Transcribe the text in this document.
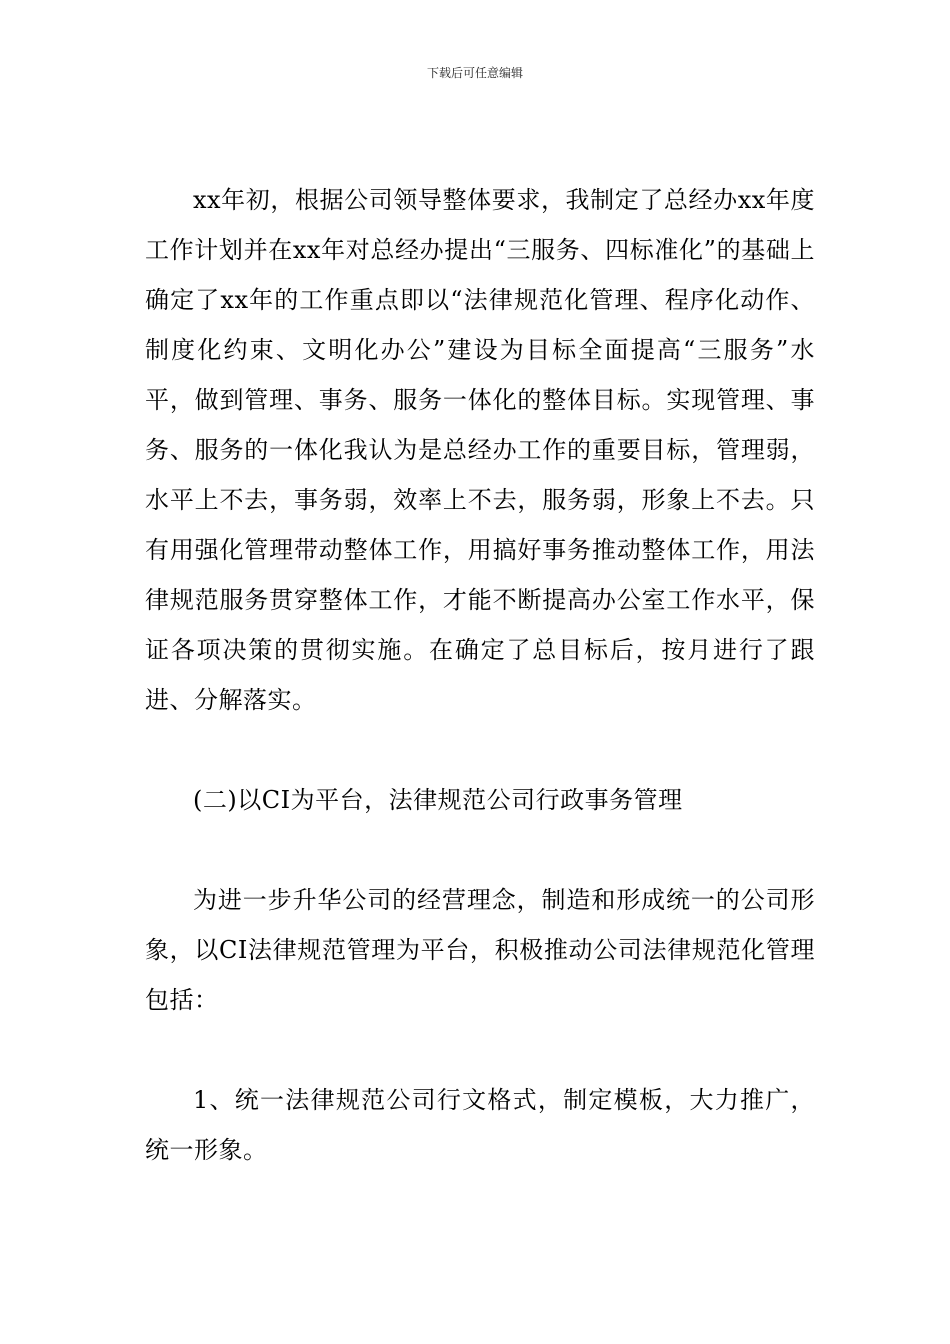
下载后可任意编辑

xx年初，根据公司领导整体要求，我制定了总经办xx年度工作计划并在xx年对总经办提出“三服务、四标准化”的基础上确定了xx年的工作重点即以“法律规范化管理、程序化动作、制度化约束、文明化办公”建设为目标全面提高“三服务”水平，做到管理、事务、服务一体化的整体目标。实现管理、事务、服务的一体化我认为是总经办工作的重要目标，管理弱，水平上不去，事务弱，效率上不去，服务弱，形象上不去。只有用强化管理带动整体工作，用搞好事务推动整体工作，用法律规范服务贯穿整体工作，才能不断提高办公室工作水平，保证各项决策的贯彻实施。在确定了总目标后，按月进行了跟进、分解落实。

(二)以CI为平台，法律规范公司行政事务管理

为进一步升华公司的经营理念，制造和形成统一的公司形象，以CI法律规范管理为平台，积极推动公司法律规范化管理包括：

1、统一法律规范公司行文格式，制定模板，大力推广，统一形象。
